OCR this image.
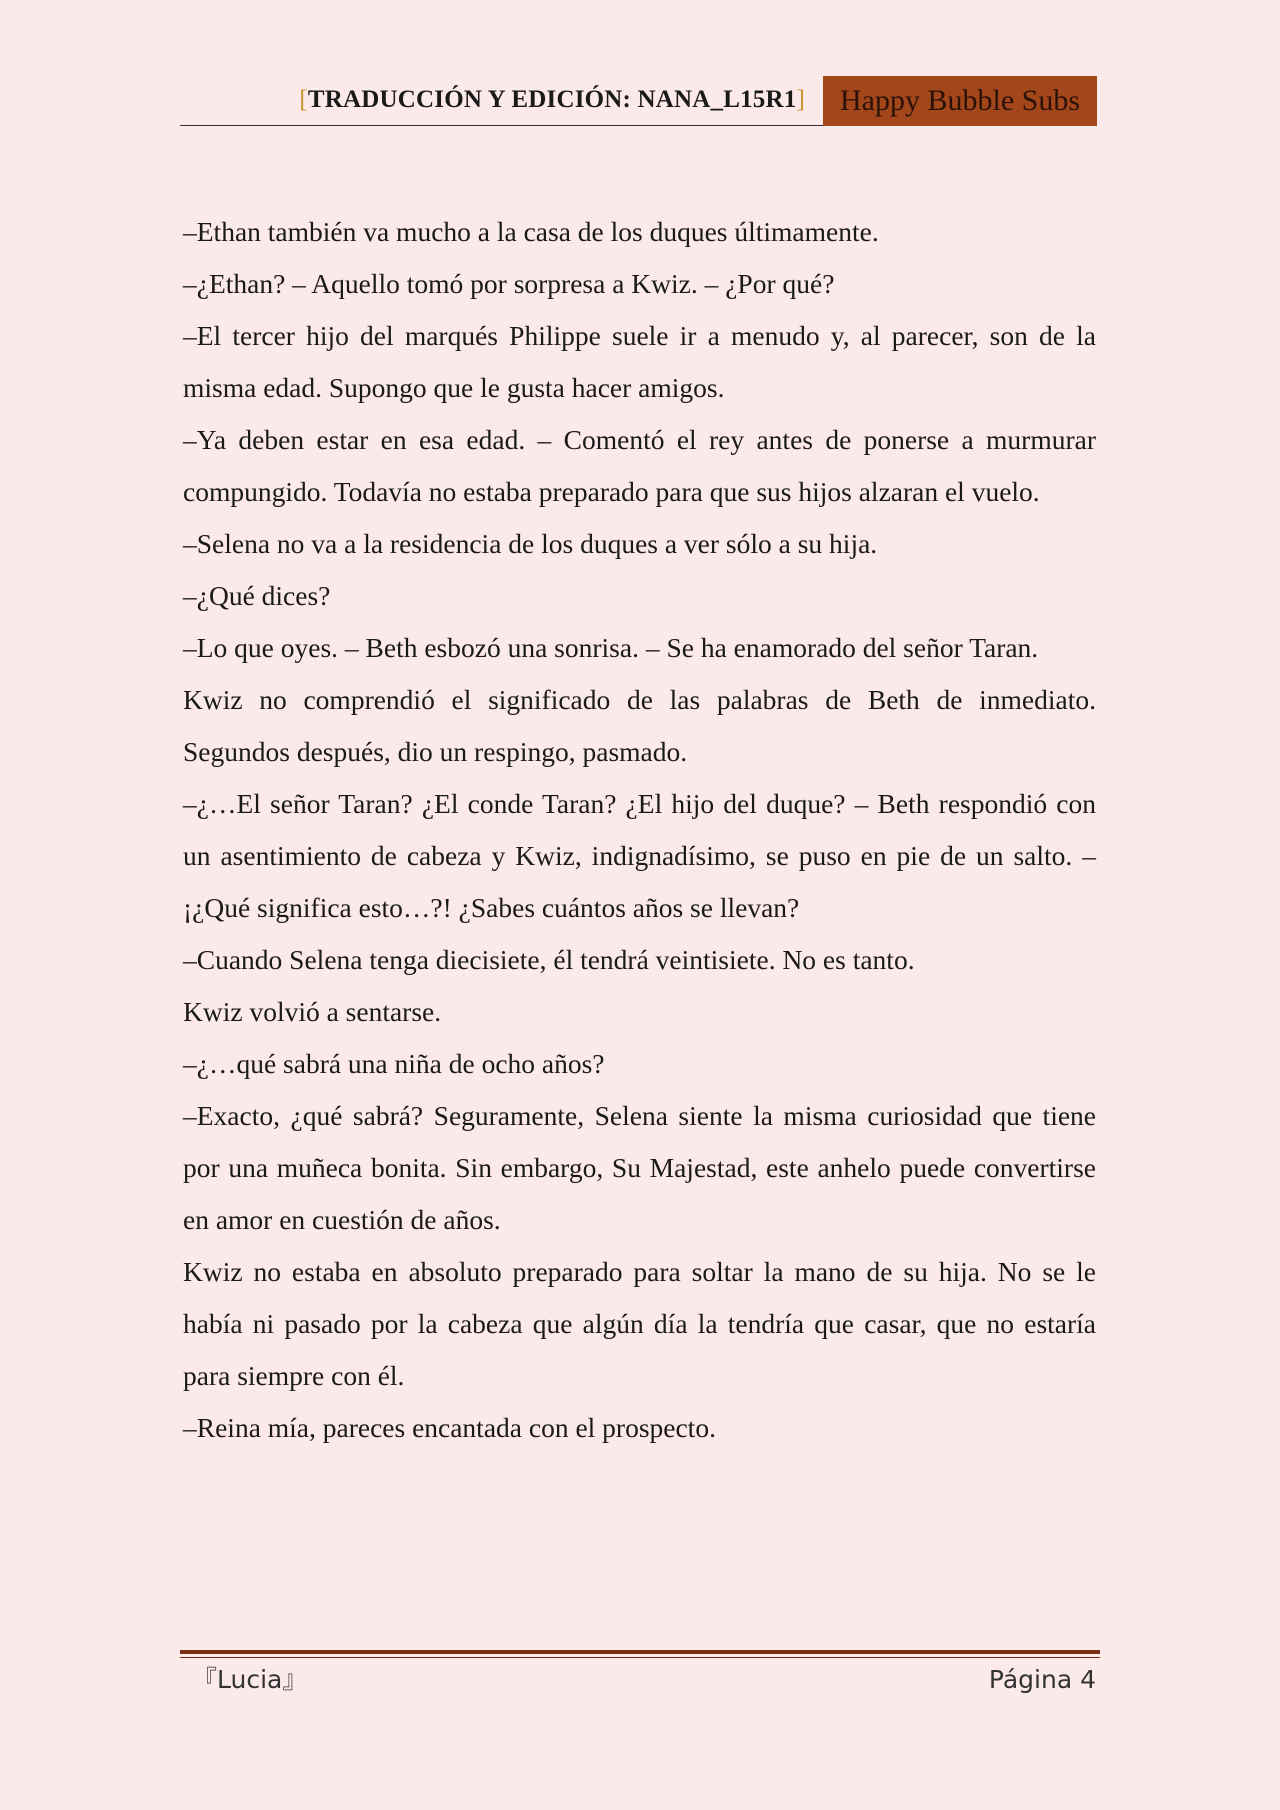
[TRADUCCIÓN Y EDICIÓN: NANA_L15R1]	Happy Bubble Subs

–Ethan también va mucho a la casa de los duques últimamente.

–¿Ethan? – Aquello tomó por sorpresa a Kwiz. – ¿Por qué?

–El tercer hijo del marqués Philippe suele ir a menudo y, al parecer, son de la misma edad. Supongo que le gusta hacer amigos.

–Ya deben estar en esa edad. – Comentó el rey antes de ponerse a murmurar compungido. Todavía no estaba preparado para que sus hijos alzaran el vuelo.

–Selena no va a la residencia de los duques a ver sólo a su hija.

–¿Qué dices?

–Lo que oyes. – Beth esbozó una sonrisa. – Se ha enamorado del señor Taran.

Kwiz no comprendió el significado de las palabras de Beth de inmediato. Segundos después, dio un respingo, pasmado.

–¿…El señor Taran? ¿El conde Taran? ¿El hijo del duque? – Beth respondió con un asentimiento de cabeza y Kwiz, indignadísimo, se puso en pie de un salto. – ¡¿Qué significa esto…?! ¿Sabes cuántos años se llevan?

–Cuando Selena tenga diecisiete, él tendrá veintisiete. No es tanto.

Kwiz volvió a sentarse.

–¿…qué sabrá una niña de ocho años?

–Exacto, ¿qué sabrá? Seguramente, Selena siente la misma curiosidad que tiene por una muñeca bonita. Sin embargo, Su Majestad, este anhelo puede convertirse en amor en cuestión de años.

Kwiz no estaba en absoluto preparado para soltar la mano de su hija. No se le había ni pasado por la cabeza que algún día la tendría que casar, que no estaría para siempre con él.

–Reina mía, pareces encantada con el prospecto.

『Lucia』	Página 4
